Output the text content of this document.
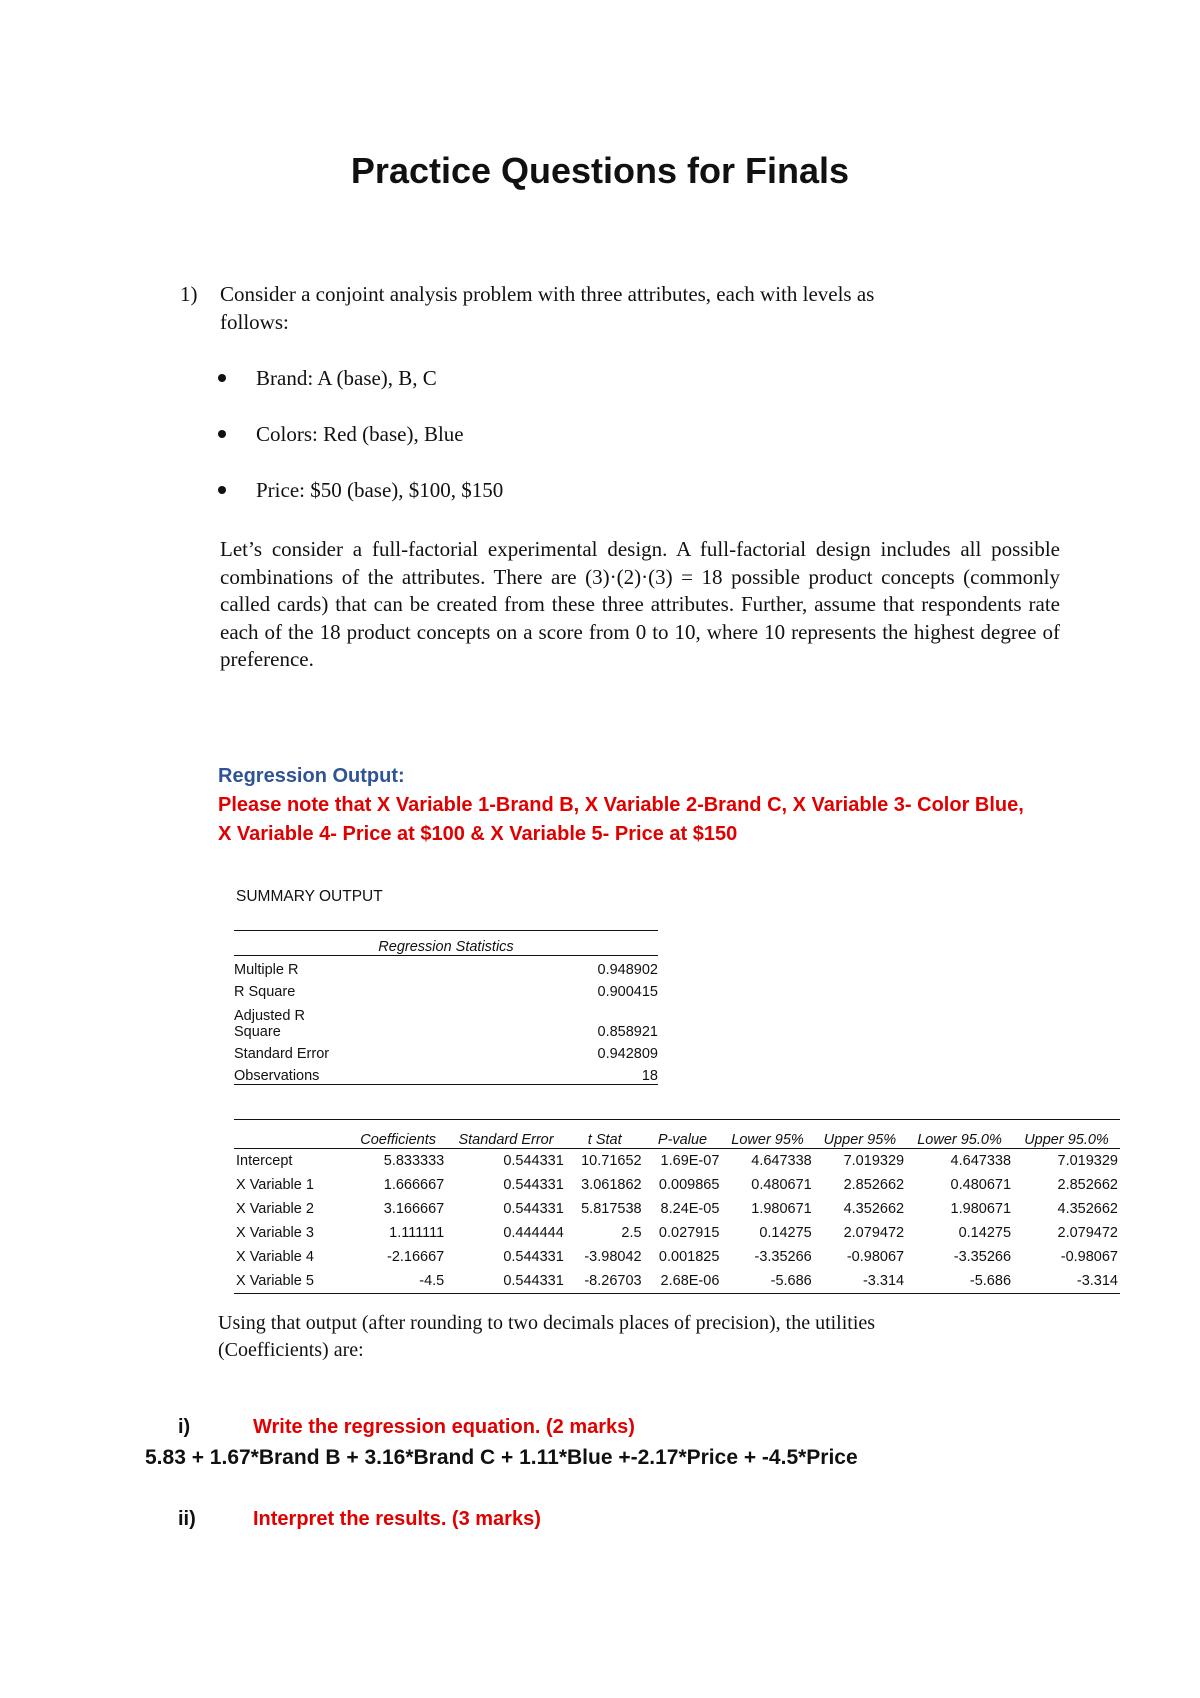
Practice Questions for Finals
1) Consider a conjoint analysis problem with three attributes, each with levels as
follows:
Brand: A (base), B, C
Colors: Red (base), Blue
Price: $50 (base), $100, $150
Let’s consider a full-factorial experimental design. A full-factorial design includes all possible combinations of the attributes. There are (3)·(2)·(3) = 18 possible product concepts (commonly called cards) that can be created from these three attributes. Further, assume that respondents rate each of the 18 product concepts on a score from 0 to 10, where 10 represents the highest degree of preference.
Regression Output:
Please note that X Variable 1-Brand B, X Variable 2-Brand C, X Variable 3- Color Blue,
X Variable 4- Price at $100 & X Variable 5- Price at $150
SUMMARY OUTPUT
Regression Statistics	
Multiple R	0.948902
R Square	0.900415

Adjusted R
Square	0.858921
Standard Error	0.942809
Observations	18
	Coefficients	Standard Error	t Stat	P-value	Lower 95%	Upper 95%	Lower 95.0%	Upper 95.0%
Intercept	5.833333	0.544331	10.71652	1.69E-07	4.647338	7.019329	4.647338	7.019329
X Variable 1	1.666667	0.544331	3.061862	0.009865	0.480671	2.852662	0.480671	2.852662
X Variable 2	3.166667	0.544331	5.817538	8.24E-05	1.980671	4.352662	1.980671	4.352662
X Variable 3	1.111111	0.444444	2.5	0.027915	0.14275	2.079472	0.14275	2.079472
X Variable 4	-2.16667	0.544331	-3.98042	0.001825	-3.35266	-0.98067	-3.35266	-0.98067
X Variable 5	-4.5	0.544331	-8.26703	2.68E-06	-5.686	-3.314	-5.686	-3.314
Using that output (after rounding to two decimals places of precision), the utilities
(Coefficients) are:
i)	Write the regression equation. (2 marks)
5.83 + 1.67*Brand B + 3.16*Brand C + 1.11*Blue +-2.17*Price + -4.5*Price
ii)	Interpret the results. (3 marks)
